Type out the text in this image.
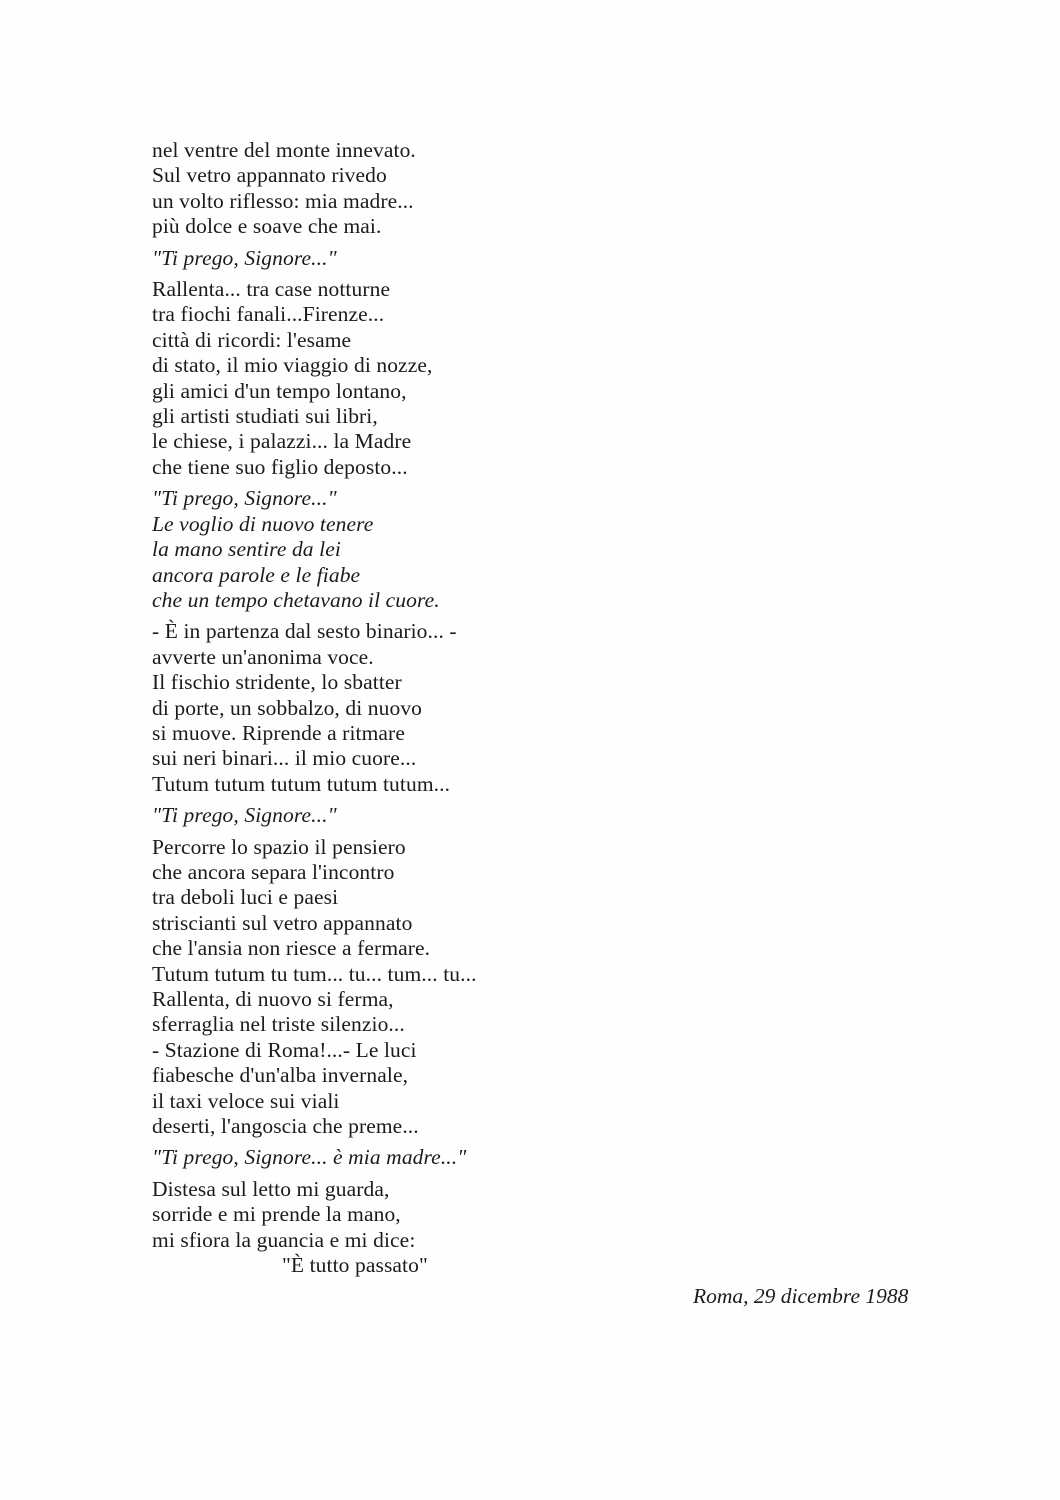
nel ventre del monte innevato.
Sul vetro appannato rivedo
un volto riflesso: mia madre...
più dolce e soave che mai.
"Ti prego, Signore..."
Rallenta... tra case notturne
tra fiochi fanali...Firenze...
città di ricordi: l'esame
di stato, il mio viaggio di nozze,
gli amici d'un tempo lontano,
gli artisti studiati sui libri,
le chiese, i palazzi... la Madre
che tiene suo figlio deposto...
"Ti prego, Signore..."
Le voglio di nuovo tenere
la mano sentire da lei
ancora parole e le fiabe
che un tempo chetavano il cuore.
- È in partenza dal sesto binario... -
avverte un'anonima voce.
Il fischio stridente, lo sbatter
di porte, un sobbalzo, di nuovo
si muove. Riprende a ritmare
sui neri binari... il mio cuore...
Tutum tutum tutum tutum tutum...
"Ti prego, Signore..."
Percorre lo spazio il pensiero
che ancora separa l'incontro
tra deboli luci e paesi
striscianti sul vetro appannato
che l'ansia non riesce a fermare.
Tutum tutum tu tum... tu... tum... tu...
Rallenta, di nuovo si ferma,
sferraglia nel triste silenzio...
- Stazione di Roma!...- Le luci
fiabesche d'un'alba invernale,
il taxi veloce sui viali
deserti, l'angoscia che preme...
"Ti prego, Signore... è mia madre..."
Distesa sul letto mi guarda,
sorride e mi prende la mano,
mi sfiora la guancia e mi dice:
"È tutto passato"
Roma, 29 dicembre 1988
